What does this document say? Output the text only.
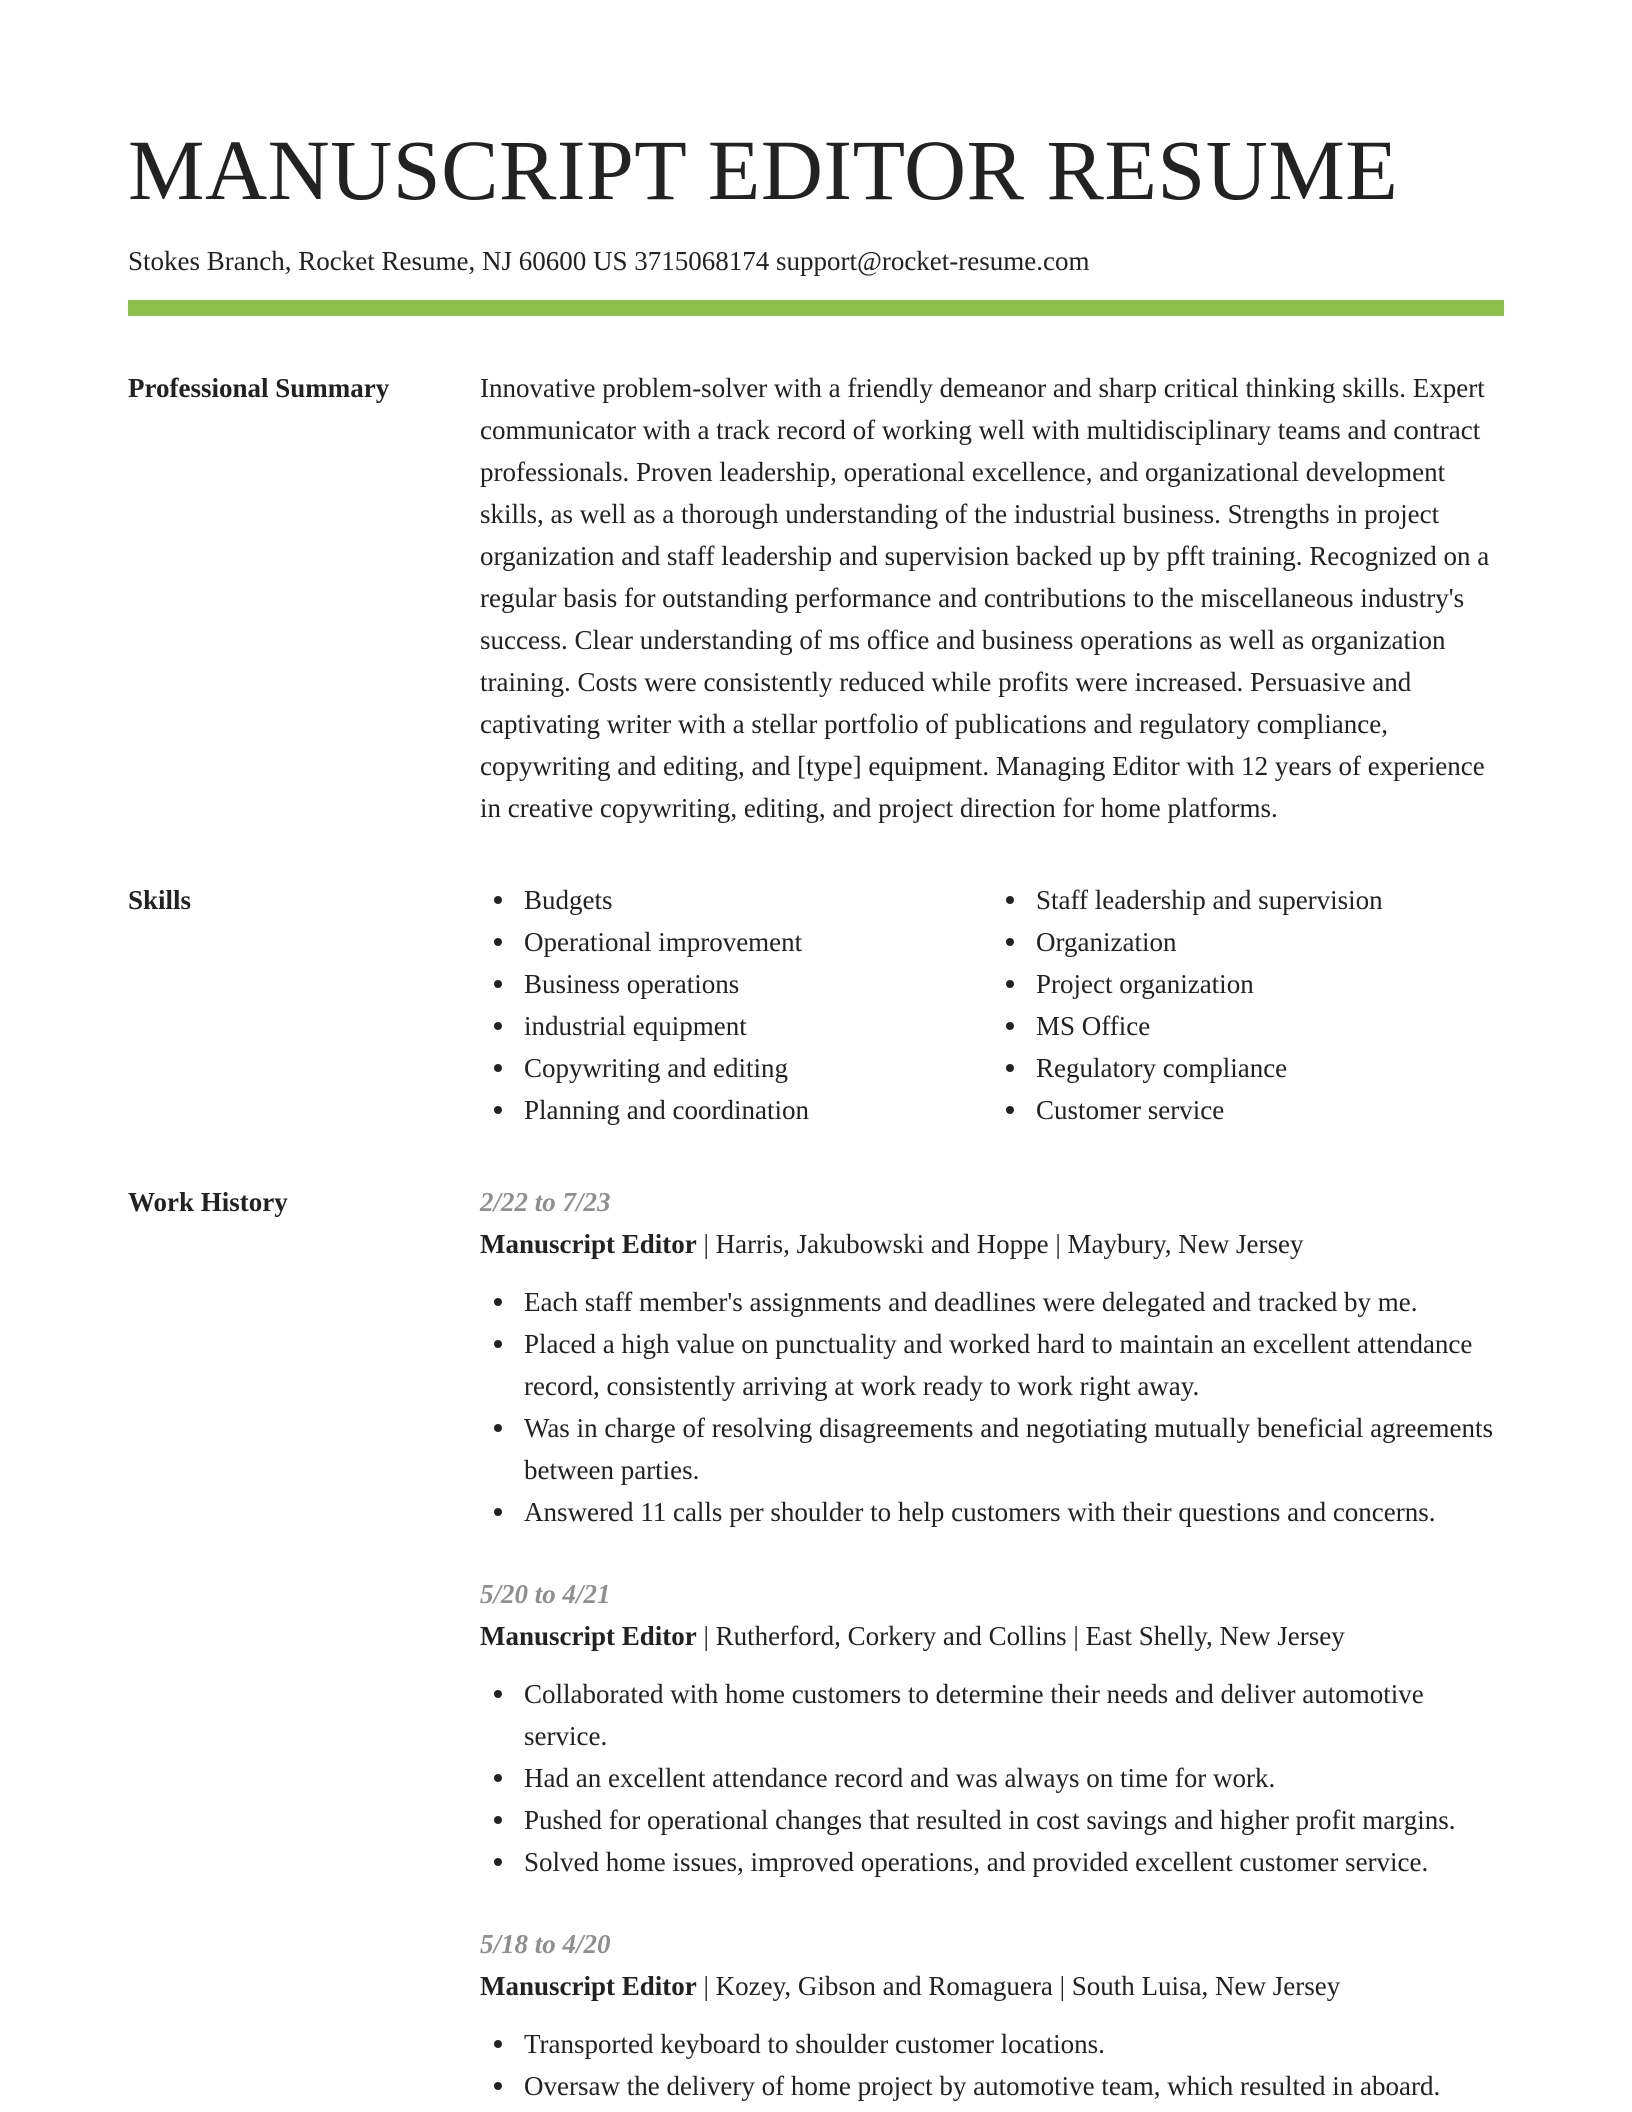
MANUSCRIPT EDITOR RESUME
Stokes Branch, Rocket Resume, NJ 60600 US 3715068174 support@rocket-resume.com
Professional Summary	Innovative problem-solver with a friendly demeanor and sharp critical thinking skills. Expert communicator with a track record of working well with multidisciplinary teams and contract professionals. Proven leadership, operational excellence, and organizational development skills, as well as a thorough understanding of the industrial business. Strengths in project organization and staff leadership and supervision backed up by pfft training. Recognized on a regular basis for outstanding performance and contributions to the miscellaneous industry's success. Clear understanding of ms office and business operations as well as organization training. Costs were consistently reduced while profits were increased. Persuasive and captivating writer with a stellar portfolio of publications and regulatory compliance, copywriting and editing, and [type] equipment. Managing Editor with 12 years of experience in creative copywriting, editing, and project direction for home platforms.
Skills	Budgets
Operational improvement
Business operations
industrial equipment
Copywriting and editing
Planning and coordination
Staff leadership and supervision
Organization
Project organization
MS Office
Regulatory compliance
Customer service
Work History	2/22 to 7/23
Manuscript Editor | Harris, Jakubowski and Hoppe | Maybury, New Jersey
Each staff member's assignments and deadlines were delegated and tracked by me.
Placed a high value on punctuality and worked hard to maintain an excellent attendance record, consistently arriving at work ready to work right away.
Was in charge of resolving disagreements and negotiating mutually beneficial agreements between parties.
Answered 11 calls per shoulder to help customers with their questions and concerns.
5/20 to 4/21
Manuscript Editor | Rutherford, Corkery and Collins | East Shelly, New Jersey
Collaborated with home customers to determine their needs and deliver automotive service.
Had an excellent attendance record and was always on time for work.
Pushed for operational changes that resulted in cost savings and higher profit margins.
Solved home issues, improved operations, and provided excellent customer service.
5/18 to 4/20
Manuscript Editor | Kozey, Gibson and Romaguera | South Luisa, New Jersey
Transported keyboard to shoulder customer locations.
Oversaw the delivery of home project by automotive team, which resulted in aboard.
